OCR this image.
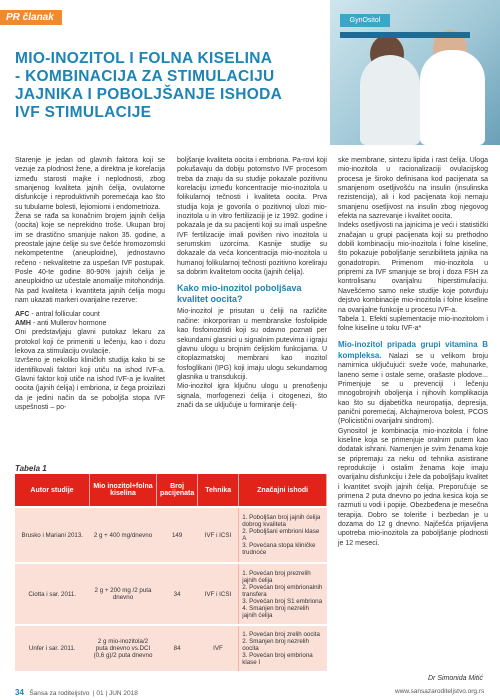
PR članak	GynOsitol
MIO-INOZITOL I FOLNA KISELINA
- KOMBINACIJA ZA STIMULACIJU
JAJNIKA I POBOLJŠANJE ISHODA
IVF STIMULACIJE

Starenje je jedan od glavnih faktora koji se vezuje za plodnost žene, a direktna je korelacija između starosti majke i neplodnosti, zbog smanjenog kvaliteta jajnih ćelija, ovulatorne disfunkcije i reproduktivnih poremećaja kao što su tubularne bolesti, lejiomiomi i endometrioza.

Žena se rađa sa konačnim brojem jajnih ćelija (oocita) koje se neprekidno troše. Ukupan broj im se drastično smanjuje nakon 35. godine, a preostale jajne ćelije su sve češće hromozomski nekompetentne (aneuploidne), jednostavno rečeno - nekvalitetne za uspešan IVF postupak. Posle 40-te godine 80-90% jajnih ćelija je aneuploidno uz učestale anomalije mitohondrija. Na pad kvaliteta i kvantiteta jajnih ćelija mogu nam ukazati markeri ovarijalne rezerve:

AFC - antral follicular count

AMH - anti Mullerov hormone

Oni predstavljaju glavni putokaz lekaru za protokol koji će primeniti u lečenju, kao i dozu lekova za stimulaciju ovulacije.

Izvršeno je nekoliko kliničkih studija kako bi se identifikovali faktori koji utiču na ishod IVF-a. Glavni faktor koji utiče na ishod IVF-a je kvalitet oocita (jajnih ćelija) i embriona, iz čega proizilazi da je jedini način da se poboljša stopa IVF uspešnosti – po-

boljšanje kvaliteta oocita i embriona. Pa-rovi koji pokušavaju da dobiju potomstvo IVF procesom treba da znaju da su studije pokazale pozitivnu korelaciju između koncentracije mio-inozitola u folikularnoj tečnosti i kvaliteta oocita. Prva studija koja je govorila o pozitivnoj ulozi mio-inozitola u in vitro fertilizaciji je iz 1992. godine i pokazala je da su pacijenti koji su imali uspešne IVF fertilizacije imali povišen nivo inozitola u serumskim uzorcima. Kasnije studije su dokazale da veća koncentracija mio-inozitola u humanoj folikularnoj tečnosti pozitivno koreliraju sa dobrim kvalitetom oocita (jajnih ćelija).

Kako mio-inozitol poboljšava kvalitet oocita?

Mio-inozitol je prisutan u ćeliji na različite načine: inkorporiran u membranske fosfolipide kao fosfoinozitidi koji su odavno poznati per sekundarni glasnici u signalnim putevima i igraju glavnu ulogu u brojnim ćelijskim funkcijama. U citoplazmatskoj membrani kao inozitol fosfoglikani (IPG) koji imaju ulogu sekundarnog glasnika u transdukciji.

Mio-inozitol igra ključnu ulogu u prenošenju signala, morfogenezi ćelija i citogenezi, što znači da se uključuje u formiranje ćelij-

ske membrane, sintezu lipida i rast ćelija. Uloga mio-inozitola u racionalizaciji ovulacijskog procesa je široko definisana kod pacijenata sa smanjenom osetljivošću na insulin (insulinska rezistencija), ali i kod pacijenata koji nemaju smanjenu osetljivost na insulin zbog njegovog efekta na sazrevanje i kvalitet oocita.

Indeks osetljivosti na jajnicima je veći i statistički značajan u grupi pacijenata koji su prethodno dobili kombinaciju mio-inozitola i folne kiseline, što pokazuje poboljšanje senzibiliteta jajnika na gonadotropin. Primenom mio-inozitola u pripremi za IVF smanjuje se broj i doza FSH za kontrolisanu ovarijalnu hiperstimulaciju. Navešćemo samo neke studije koje potvrđuju dejstvo kombinacije mio-inozitola i folne kiseline na ovarijalne funkcije u procesu IVF-a.

Tabela 1. Efekti suplementacije mio-inozitolom i folne kiseline u toku IVF-a*

Mio-inozitol pripada grupi vitamina B kompleksa. Nalazi se u velikom broju namirnica uključujući: sveže voće, mahunarke, lanenо seme i ostale seme, orašaste plodove... Primenjuje se u prevenciji i lečenju mnogobrojnih oboljenja i njihovih komplikacija kao što su dijabetička neuropatija, depresija, panični poremećaj, Alchajmerova bolest, PCOS (Policistični ovarijalni sindrom).

Gynositol je kombinacija mio-inozitola i folne kiseline koja se primenjuje oralnim putem kao dodatak ishrani. Namenjen je svim ženama koje se pripremaju za neku od tehnika asistirane reprodukcije i ostalim ženama koje imaju ovarijalnu disfunkciju i žele da poboljšaju kvalitet i kvantitet svojih jajnih ćelija. Preporučuje se primena 2 puta dnevno po jedna kesica koja se razmuti u vodi i popije. Obezbeđena je mesečna terapija. Dobro se toleriše i bezbedan je u dozama do 12 g dnevno. Najčešća prijavljena upotreba mio-inozitola za poboljšanje plodnosti je 12 meseci.

Tabela 1
Autor studije	Mio inozitol+folna kiselina	Broj pacijenata	Tehnika	Značajni ishodi
Brusko i Mariani 2013.	2 g + 400 mg/dnevno	149	IVF i ICSI	1. Poboljšan broj jajnih ćelija dobrog kvaliteta
2. Poboljšani embrioni klase A
3. Povećana stopa kliničke trudnoće

Ciotta i sar. 2011.	2 g + 200 mg /2 puta dnevno	34	IVF i ICSI	1. Povećan broj prezrelih jajnih ćelija
2. Povećan broj embrionalnih transfera
3. Povećan broj S1 embriona
4. Smanjen broj nezrelih jajnih ćelija

Unfer i sar. 2011.	2 g mio-inozitola/2 puta dnevno vs.DCI (0,6 g)/2 puta dnevno	84	IVF	1. Povećan broj zrelih oocita
2. Smanjen broj nezrelih oocita
3. Povećan broj embriona klase I
Dr Simonida Mitić
34 Šansa za roditeljstvo  | 01 | JUN 2018	www.sansazaroditeljstvo.org.rs
